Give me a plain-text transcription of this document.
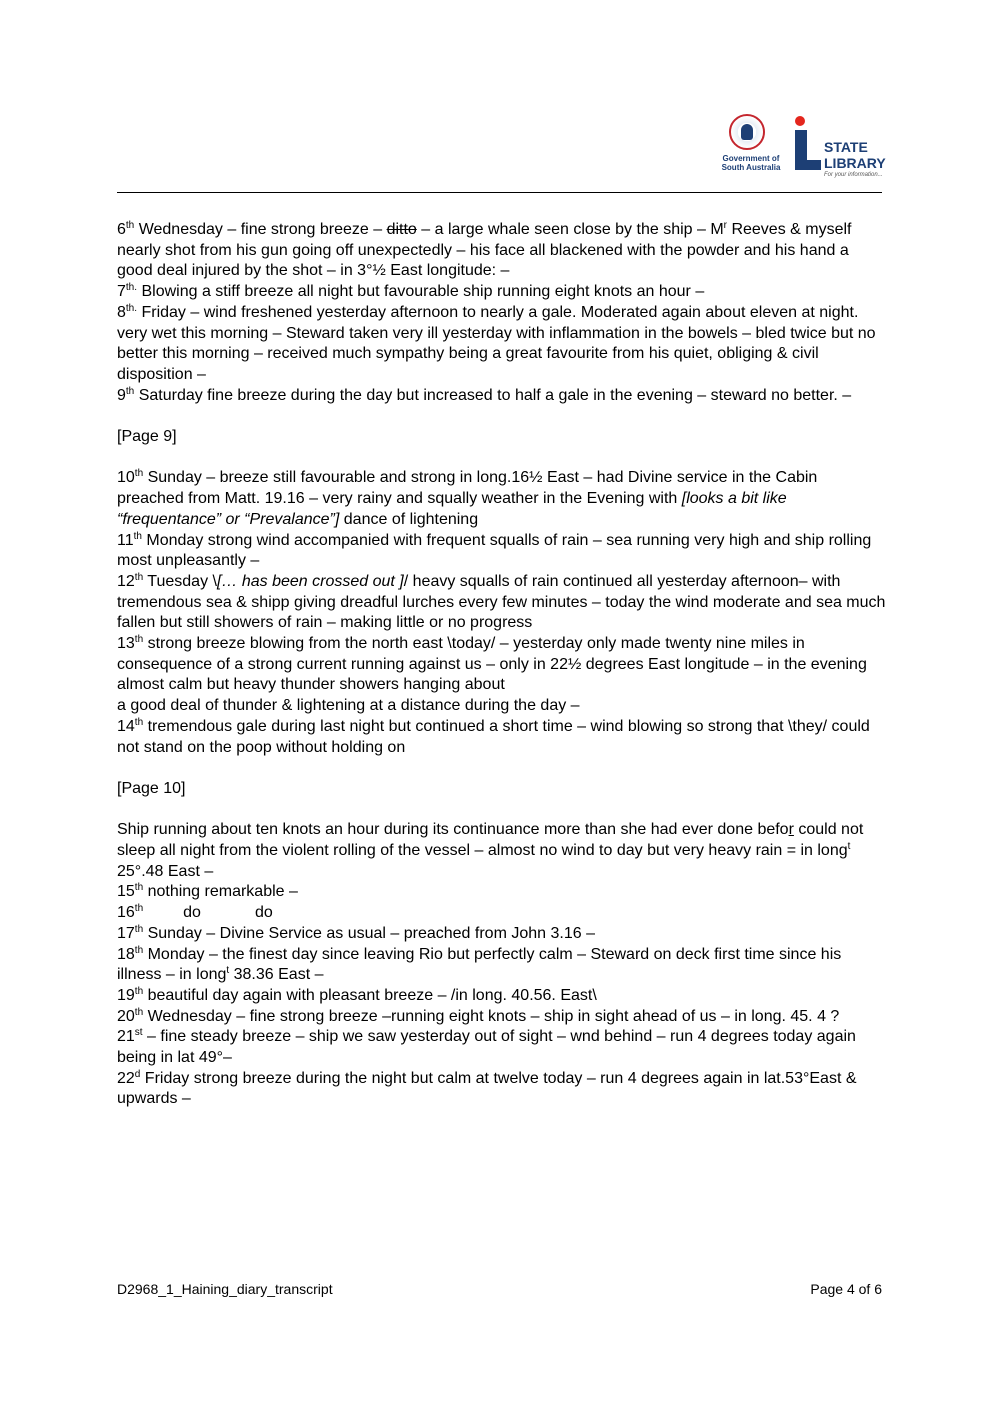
Government of South Australia
STATE
LIBRARY
For your information...

6th Wednesday – fine strong breeze – ditto – a large whale seen close by the ship – $M^r$ Reeves & myself nearly shot from his gun going off unexpectedly – his face all blackened with the powder and his hand a good deal injured by the shot – in 3°½ East longitude: –

$7^{th.}$ Blowing a stiff breeze all night but favourable ship running eight knots an hour –

$8^{th.}$ Friday – wind freshened yesterday afternoon to nearly a gale. Moderated again about eleven at night. very wet this morning – Steward taken very ill yesterday with inflammation in the bowels – bled twice but no better this morning – received much sympathy being a great favourite from his quiet, obliging & civil disposition –

9th Saturday fine breeze during the day but increased to half a gale in the evening – steward no better. –

[Page 9]

10th Sunday – breeze still favourable and strong in long.16½ East – had Divine service in the Cabin preached from Matt. 19.16 – very rainy and squally weather in the Evening with [looks a bit like “frequentance” or “Prevalance”] dance of lightening

11th Monday strong wind accompanied with frequent squalls of rain – sea running very high and ship rolling most unpleasantly –

12th Tuesday \[… has been crossed out ]/ heavy squalls of rain continued all yesterday afternoon– with tremendous sea & shipp giving dreadful lurches every few minutes – today the wind moderate and sea much fallen but still showers of rain – making little or no progress

13th strong breeze blowing from the north east \today/ – yesterday only made twenty nine miles in consequence of a strong current running against us – only in 22½ degrees East longitude – in the evening almost calm but heavy thunder showers hanging about

a good deal of thunder & lightening at a distance during the day –

14th tremendous gale during last night but continued a short time – wind blowing so strong that \they/ could not stand on the poop without holding on

[Page 10]

Ship running about ten knots an hour during its continuance more than she had ever done befor could not sleep all night from the violent rolling of the vessel – almost no wind to day but very heavy rain = in long$^t$ 25°.48 East –

15th nothing remarkable –

16th	do	do

17th Sunday – Divine Service as usual – preached from John 3.16 –

18th Monday – the finest day since leaving Rio but perfectly calm – Steward on deck first time since his illness – in long$^t$ 38.36 East –

19th beautiful day again with pleasant breeze – /in long. 40.56. East\

20th Wednesday – fine strong breeze –running eight knots – ship in sight ahead of us – in long. 45. 4 ?

21st – fine steady breeze – ship we saw yesterday out of sight – wnd behind – run 4 degrees today again being in lat 49°–

22$^d$ Friday strong breeze during the night but calm at twelve today – run 4 degrees again in lat.53°East & upwards –

D2968_1_Haining_diary_transcript	Page 4 of 6
